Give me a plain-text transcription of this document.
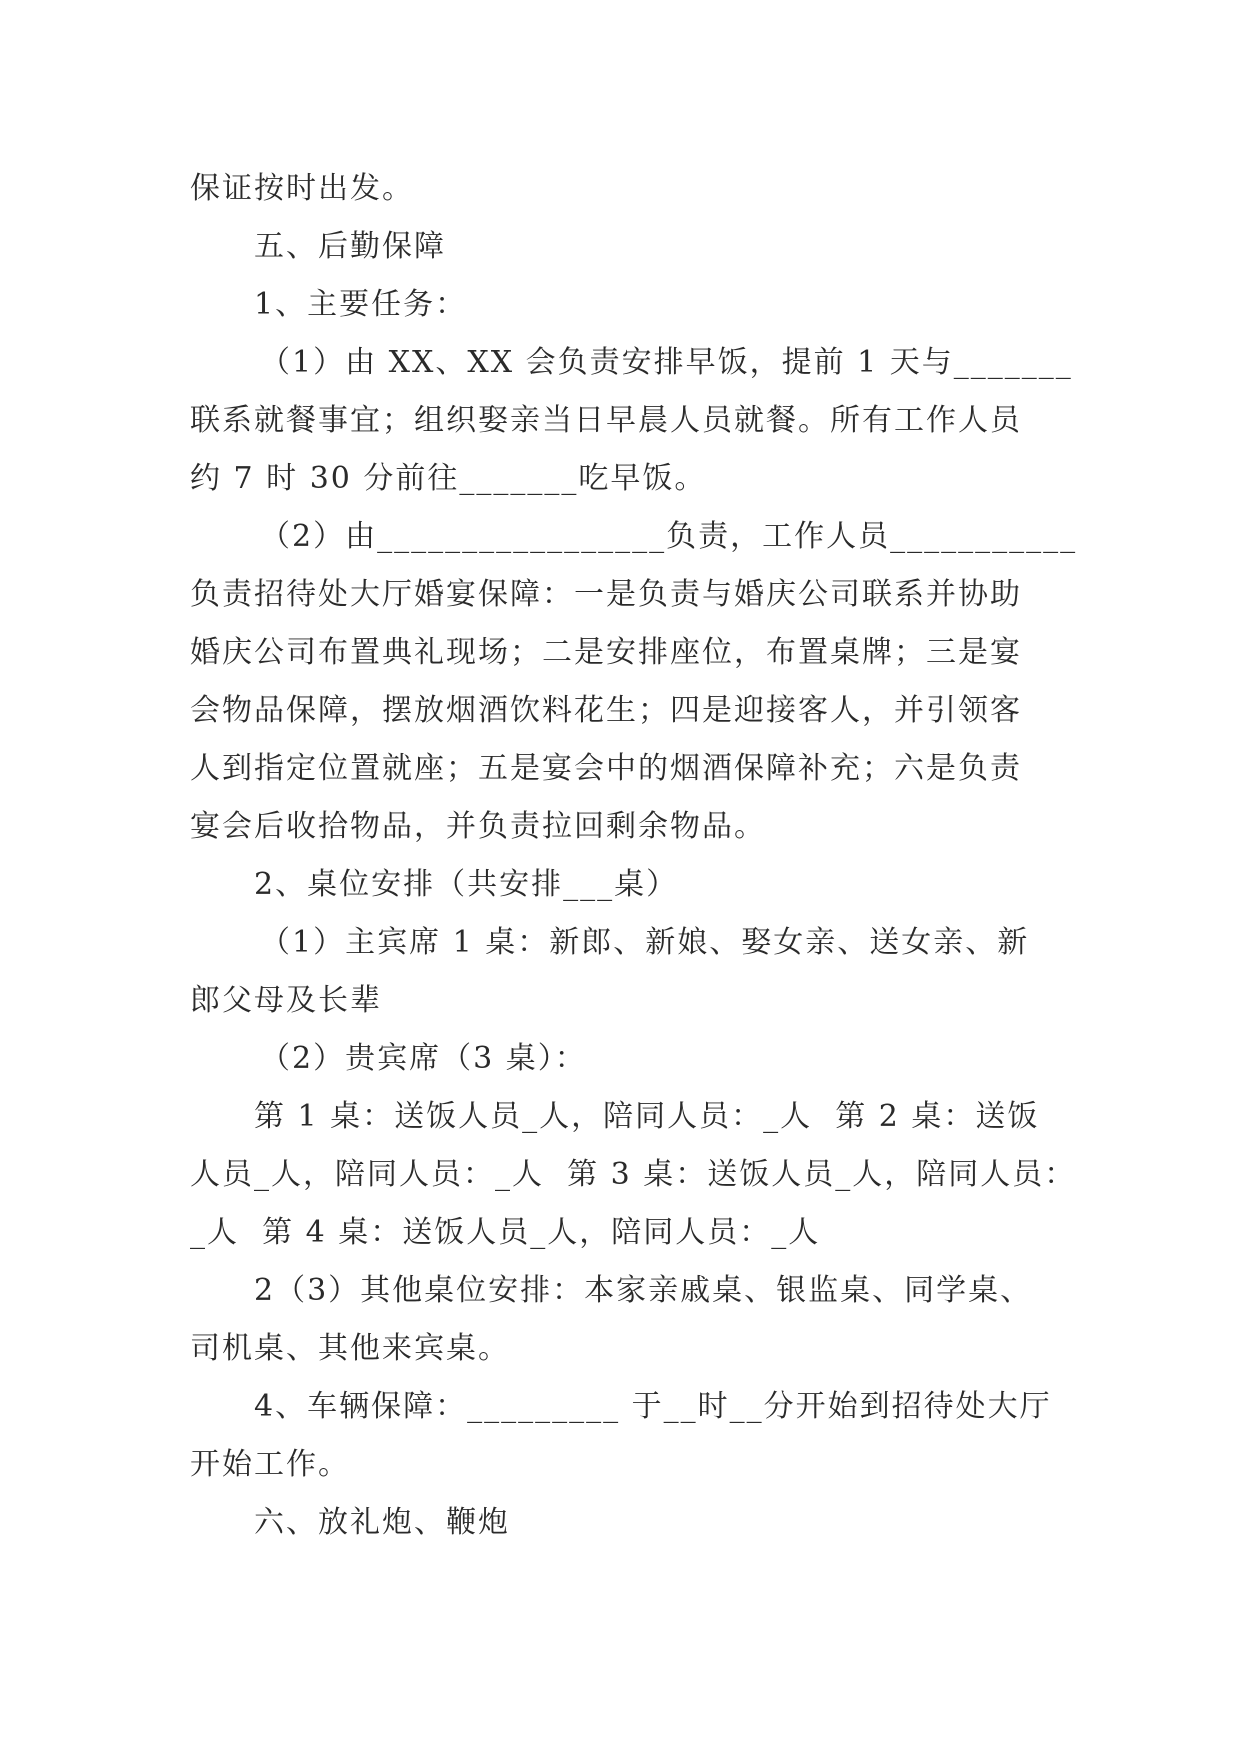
保证按时出发。
五、后勤保障
1、主要任务：
（1）由 XX、XX 会负责安排早饭，提前 1 天与_______
联系就餐事宜；组织娶亲当日早晨人员就餐。所有工作人员
约 7 时 30 分前往_______吃早饭。
（2）由_________________负责，工作人员___________
负责招待处大厅婚宴保障：一是负责与婚庆公司联系并协助
婚庆公司布置典礼现场；二是安排座位，布置桌牌；三是宴
会物品保障，摆放烟酒饮料花生；四是迎接客人，并引领客
人到指定位置就座；五是宴会中的烟酒保障补充；六是负责
宴会后收拾物品，并负责拉回剩余物品。
2、桌位安排（共安排___桌）
（1）主宾席 1 桌：新郎、新娘、娶女亲、送女亲、新
郎父母及长辈
（2）贵宾席（3 桌）：
第 1 桌：送饭人员_人，陪同人员：_人  第 2 桌：送饭
人员_人，陪同人员：_人  第 3 桌：送饭人员_人，陪同人员：
_人  第 4 桌：送饭人员_人，陪同人员：_人
2（3）其他桌位安排：本家亲戚桌、银监桌、同学桌、
司机桌、其他来宾桌。
4、车辆保障：_________ 于__时__分开始到招待处大厅
开始工作。
六、放礼炮、鞭炮
